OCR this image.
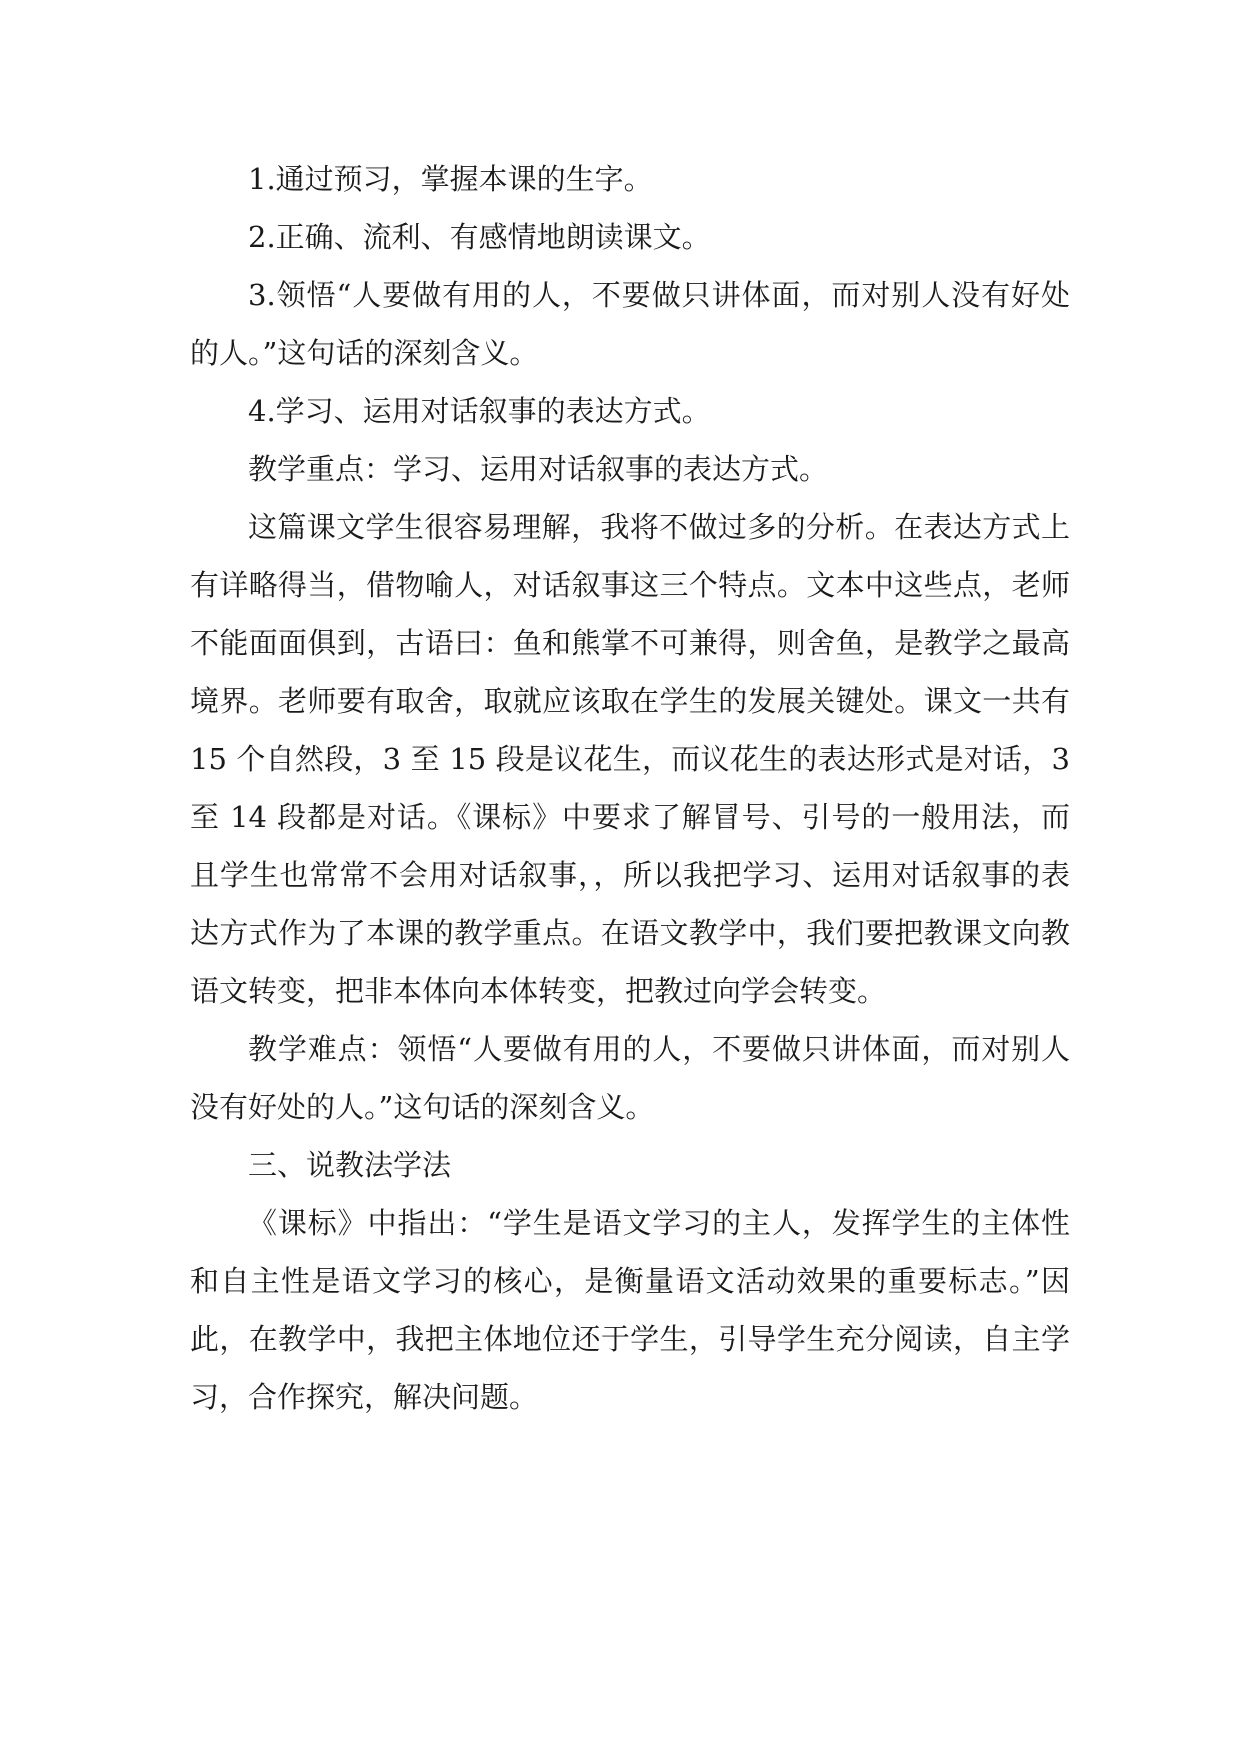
1.通过预习，掌握本课的生字。

2.正确、流利、有感情地朗读课文。

3.领悟“人要做有用的人，不要做只讲体面，而对别人没有好处的人。”这句话的深刻含义。

4.学习、运用对话叙事的表达方式。

教学重点：学习、运用对话叙事的表达方式。

这篇课文学生很容易理解，我将不做过多的分析。在表达方式上有详略得当，借物喻人，对话叙事这三个特点。文本中这些点，老师不能面面俱到，古语曰：鱼和熊掌不可兼得，则舍鱼，是教学之最高境界。老师要有取舍，取就应该取在学生的发展关键处。课文一共有 15 个自然段，3 至 15 段是议花生，而议花生的表达形式是对话，3 至 14 段都是对话。《课标》中要求了解冒号、引号的一般用法，而且学生也常常不会用对话叙事，，所以我把学习、运用对话叙事的表达方式作为了本课的教学重点。在语文教学中，我们要把教课文向教语文转变，把非本体向本体转变，把教过向学会转变。

教学难点：领悟“人要做有用的人，不要做只讲体面，而对别人没有好处的人。”这句话的深刻含义。

三、说教法学法

《课标》中指出：“学生是语文学习的主人，发挥学生的主体性和自主性是语文学习的核心，是衡量语文活动效果的重要标志。”因此，在教学中，我把主体地位还于学生，引导学生充分阅读，自主学习，合作探究，解决问题。
